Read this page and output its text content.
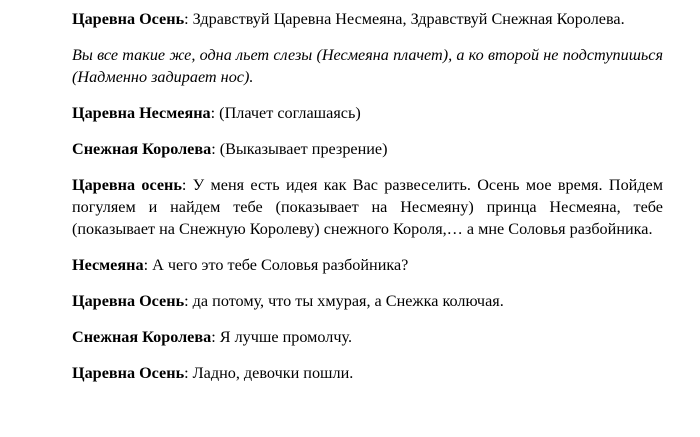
Царевна Осень: Здравствуй Царевна Несмеяна, Здравствуй Снежная Королева.

Вы все такие же, одна льет слезы (Несмеяна плачет), а ко второй не подступишься (Надменно задирает нос).

Царевна Несмеяна: (Плачет соглашаясь)

Снежная Королева: (Выказывает презрение)

Царевна осень: У меня есть идея как Вас развеселить. Осень мое время. Пойдем погуляем и найдем тебе (показывает на Несмеяну) принца Несмеяна, тебе (показывает на Снежную Королеву) снежного Короля,… а мне Соловья разбойника.

Несмеяна: А чего это тебе Соловья разбойника?

Царевна Осень: да потому, что ты хмурая, а Снежка колючая.

Снежная Королева: Я лучше промолчу.

Царевна Осень: Ладно, девочки пошли.
